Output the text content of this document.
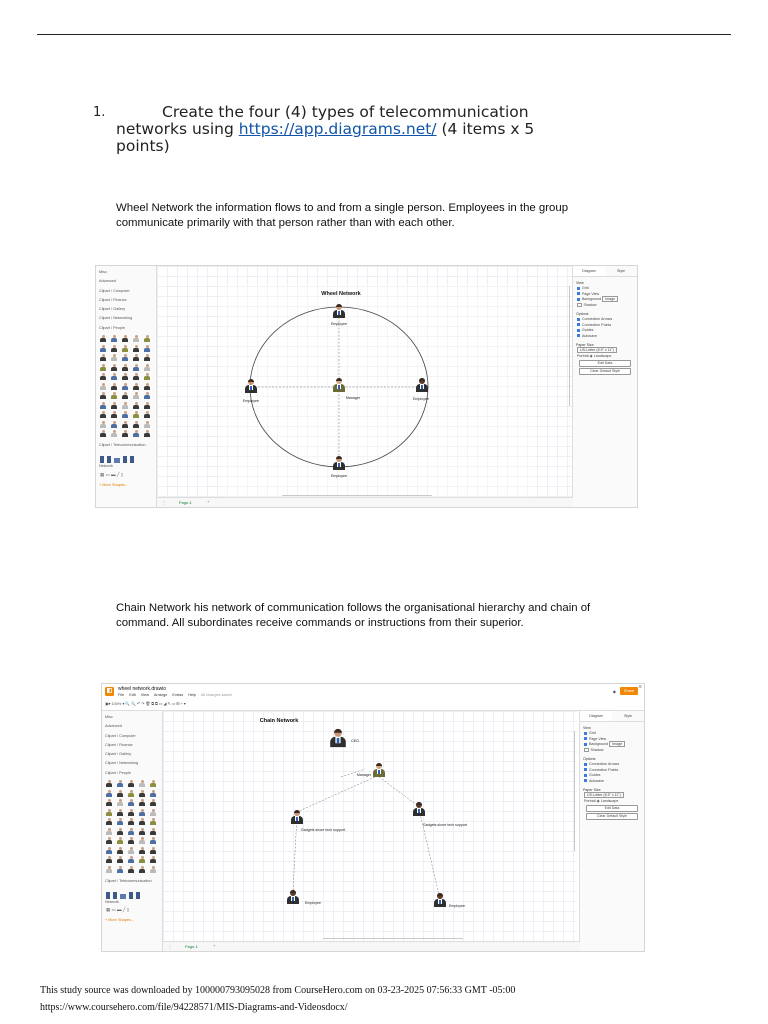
1.	Create the four (4) types of telecommunication networks using https://app.diagrams.net/ (4 items x 5 points)
Wheel Network the information flows to and from a single person. Employees in the group communicate primarily with that person rather than with each other.
Misc
Advanced
Clipart / Computer
Clipart / Finance
Clipart / Gallery
Clipart / Networking
Clipart / People
Clipart / Telecommunication
Network
▦ ▭ ▬ ╱ ▯
+ More Shapes...
Wheel Network
Employee
Employee
Manager	Employee
Employee
Diagram	Style
View
Grid
Page View
Background Image
Shadow
Options
Connection Arrows
Connection Points
Guides
Autosave
Paper Size
US-Letter (8.5" x 11")
Portrait ◉ Landscape
Edit Data
Clear Default Style
⋮	Page-1	+
Chain Network his network of communication follows the organisational hierarchy and chain of command. All subordinates receive commands or instructions from their superior.
◧	wheel network.drawio
File Edit View Arrange Extras Help All changes saved
▣▾ 100% ▾ 🔍 🔍 ↶ ↷ 🗑 ⧉ ⧉ ▭ ◢ ✎ ▭ ⊞ + ▾
◆	Share
⚙
Misc
Advanced
Clipart / Computer
Clipart / Finance
Clipart / Gallery
Clipart / Networking
Clipart / People
Clipart / Telecommunication
Network
▦ ▭ ▬ ╱ ▯
+ More Shapes...
Chain Network
CEO
Manager
Gadgets shore tech support
Gadgets shore tech support
Employee
Employee
Diagram	Style
View
Grid
Page View
Background Image
Shadow
Options
Connection Arrows
Connection Points
Guides
Autosave
Paper Size
US-Letter (8.5" x 11")
Portrait ◉ Landscape
Edit Data
Clear Default Style
⋮	Page-1	+
This study source was downloaded by 100000793095028 from CourseHero.com on 03-23-2025 07:56:33 GMT -05:00
https://www.coursehero.com/file/94228571/MIS-Diagrams-and-Videosdocx/
